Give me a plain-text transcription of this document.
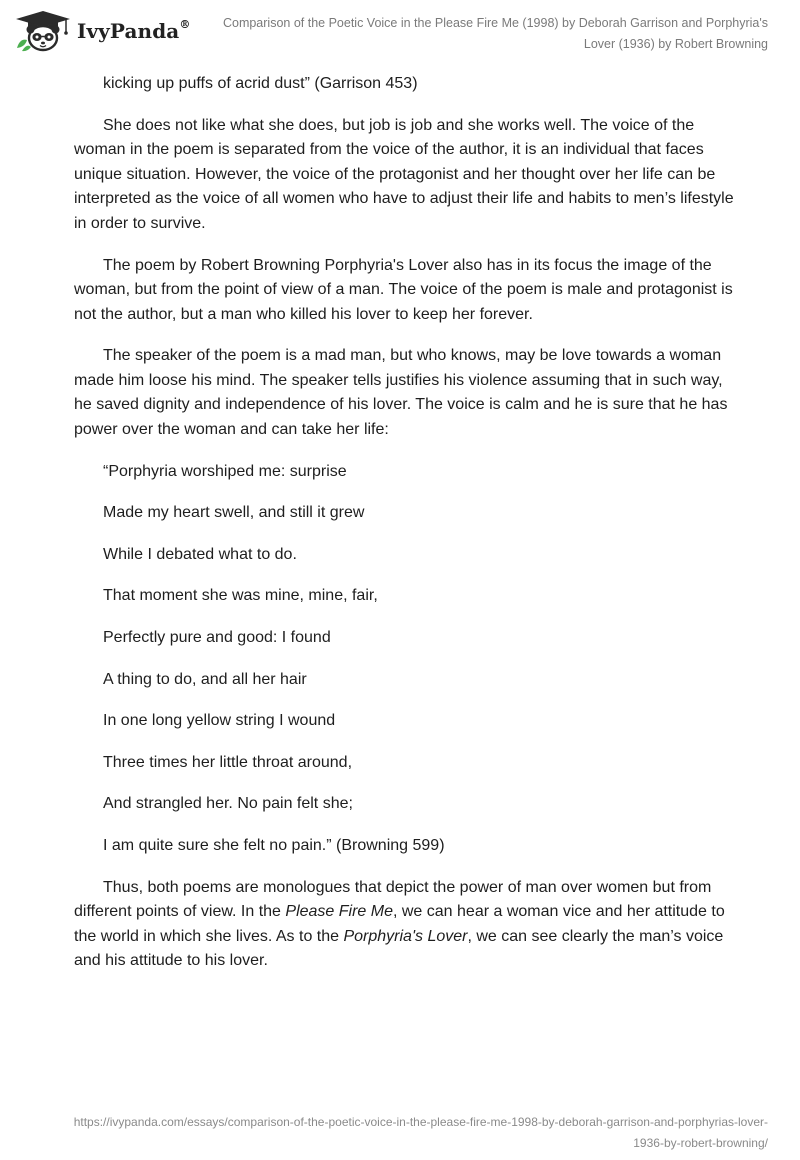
IvyPanda®	Comparison of the Poetic Voice in the Please Fire Me (1998) by Deborah Garrison and Porphyria's
Lover (1936) by Robert Browning

kicking up puffs of acrid dust” (Garrison 453)

She does not like what she does, but job is job and she works well. The voice of the woman in the poem is separated from the voice of the author, it is an individual that faces unique situation. However, the voice of the protagonist and her thought over her life can be interpreted as the voice of all women who have to adjust their life and habits to men’s lifestyle in order to survive.

The poem by Robert Browning Porphyria's Lover also has in its focus the image of the woman, but from the point of view of a man. The voice of the poem is male and protagonist is not the author, but a man who killed his lover to keep her forever.

The speaker of the poem is a mad man, but who knows, may be love towards a woman made him loose his mind. The speaker tells justifies his violence assuming that in such way, he saved dignity and independence of his lover. The voice is calm and he is sure that he has power over the woman and can take her life:

“Porphyria worshiped me: surprise

Made my heart swell, and still it grew

While I debated what to do.

That moment she was mine, mine, fair,

Perfectly pure and good: I found

A thing to do, and all her hair

In one long yellow string I wound

Three times her little throat around,

And strangled her. No pain felt she;

I am quite sure she felt no pain.” (Browning 599)

Thus, both poems are monologues that depict the power of man over women but from different points of view. In the Please Fire Me, we can hear a woman vice and her attitude to the world in which she lives. As to the Porphyria's Lover, we can see clearly the man’s voice and his attitude to his lover.

https://ivypanda.com/essays/comparison-of-the-poetic-voice-in-the-please-fire-me-1998-by-deborah-garrison-and-porphyrias-lover-
1936-by-robert-browning/
